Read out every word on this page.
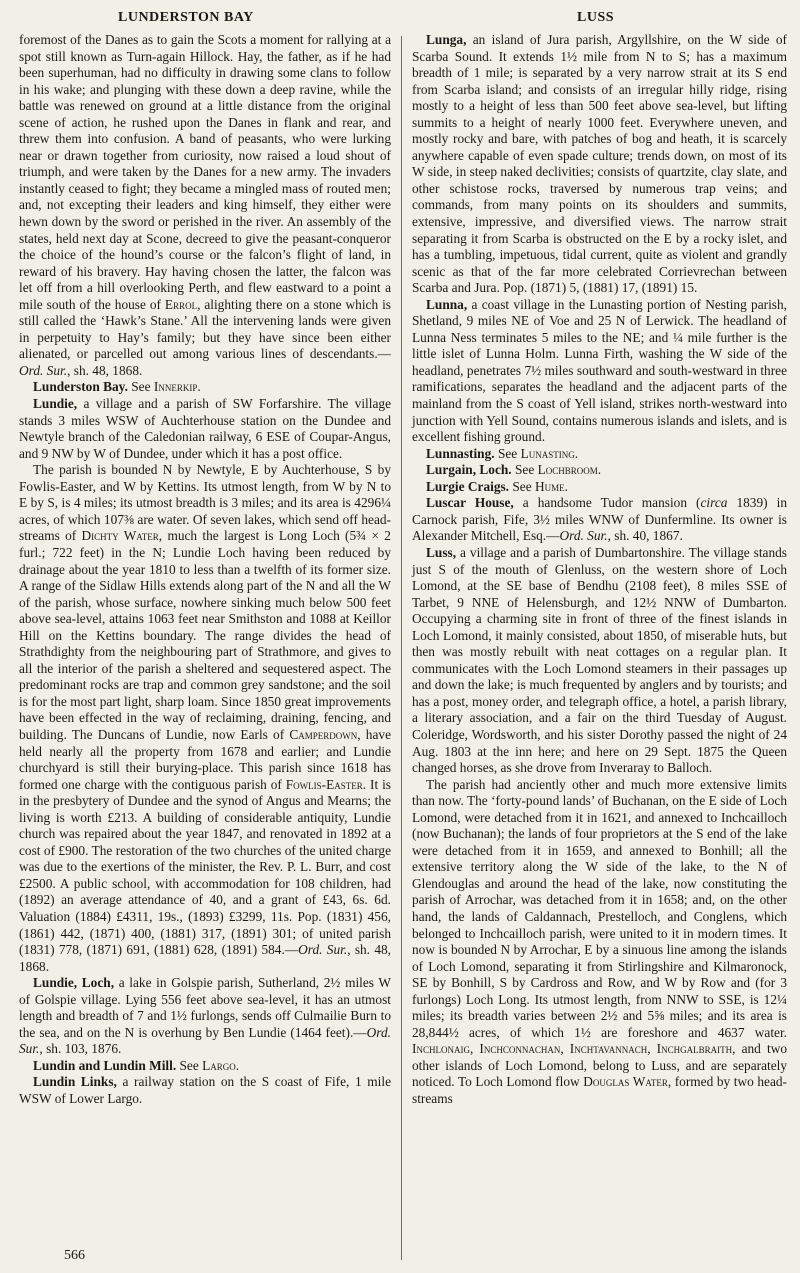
LUNDERSTON BAY	LUSS

foremost of the Danes as to gain the Scots a moment for rallying at a spot still known as Turn-again Hillock. Hay, the father, as if he had been superhuman, had no difficulty in drawing some clans to follow in his wake; and plunging with these down a deep ravine, while the battle was renewed on ground at a little distance from the original scene of action, he rushed upon the Danes in flank and rear, and threw them into confusion. A band of peasants, who were lurking near or drawn together from curiosity, now raised a loud shout of triumph, and were taken by the Danes for a new army. The invaders instantly ceased to fight; they became a mingled mass of routed men; and, not excepting their leaders and king himself, they either were hewn down by the sword or perished in the river. An assembly of the states, held next day at Scone, decreed to give the peasant-conqueror the choice of the hound’s course or the falcon’s flight of land, in reward of his bravery. Hay having chosen the latter, the falcon was let off from a hill overlooking Perth, and flew eastward to a point a mile south of the house of Errol, alighting there on a stone which is still called the ‘Hawk’s Stane.’ All the intervening lands were given in perpetuity to Hay’s family; but they have since been either alienated, or parcelled out among various lines of descendants.—Ord. Sur., sh. 48, 1868.

Lunderston Bay. See Innerkip.

Lundie, a village and a parish of SW Forfarshire. The village stands 3 miles WSW of Auchterhouse station on the Dundee and Newtyle branch of the Caledonian railway, 6 ESE of Coupar-Angus, and 9 NW by W of Dundee, under which it has a post office.

The parish is bounded N by Newtyle, E by Auchterhouse, S by Fowlis-Easter, and W by Kettins. Its utmost length, from W by N to E by S, is 4 miles; its utmost breadth is 3 miles; and its area is 4296¼ acres, of which 107⅜ are water. Of seven lakes, which send off head-streams of Dichty Water, much the largest is Long Loch (5¾ × 2 furl.; 722 feet) in the N; Lundie Loch having been reduced by drainage about the year 1810 to less than a twelfth of its former size. A range of the Sidlaw Hills extends along part of the N and all the W of the parish, whose surface, nowhere sinking much below 500 feet above sea-level, attains 1063 feet near Smithston and 1088 at Keillor Hill on the Kettins boundary. The range divides the head of Strathdighty from the neighbouring part of Strathmore, and gives to all the interior of the parish a sheltered and sequestered aspect. The predominant rocks are trap and common grey sandstone; and the soil is for the most part light, sharp loam. Since 1850 great improvements have been effected in the way of reclaiming, draining, fencing, and building. The Duncans of Lundie, now Earls of Camperdown, have held nearly all the property from 1678 and earlier; and Lundie churchyard is still their burying-place. This parish since 1618 has formed one charge with the contiguous parish of Fowlis-Easter. It is in the presbytery of Dundee and the synod of Angus and Mearns; the living is worth £213. A building of considerable antiquity, Lundie church was repaired about the year 1847, and renovated in 1892 at a cost of £900. The restoration of the two churches of the united charge was due to the exertions of the minister, the Rev. P. L. Burr, and cost £2500. A public school, with accommodation for 108 children, had (1892) an average attendance of 40, and a grant of £43, 6s. 6d. Valuation (1884) £4311, 19s., (1893) £3299, 11s. Pop. (1831) 456, (1861) 442, (1871) 400, (1881) 317, (1891) 301; of united parish (1831) 778, (1871) 691, (1881) 628, (1891) 584.—Ord. Sur., sh. 48, 1868.

Lundie, Loch, a lake in Golspie parish, Sutherland, 2½ miles W of Golspie village. Lying 556 feet above sea-level, it has an utmost length and breadth of 7 and 1½ furlongs, sends off Culmailie Burn to the sea, and on the N is overhung by Ben Lundie (1464 feet).—Ord. Sur., sh. 103, 1876.

Lundin and Lundin Mill. See Largo.

Lundin Links, a railway station on the S coast of Fife, 1 mile WSW of Lower Largo.

Lunga, an island of Jura parish, Argyllshire, on the W side of Scarba Sound. It extends 1½ mile from N to S; has a maximum breadth of 1 mile; is separated by a very narrow strait at its S end from Scarba island; and consists of an irregular hilly ridge, rising mostly to a height of less than 500 feet above sea-level, but lifting summits to a height of nearly 1000 feet. Everywhere uneven, and mostly rocky and bare, with patches of bog and heath, it is scarcely anywhere capable of even spade culture; trends down, on most of its W side, in steep naked declivities; consists of quartzite, clay slate, and other schistose rocks, traversed by numerous trap veins; and commands, from many points on its shoulders and summits, extensive, impressive, and diversified views. The narrow strait separating it from Scarba is obstructed on the E by a rocky islet, and has a tumbling, impetuous, tidal current, quite as violent and grandly scenic as that of the far more celebrated Corrievrechan between Scarba and Jura. Pop. (1871) 5, (1881) 17, (1891) 15.

Lunna, a coast village in the Lunasting portion of Nesting parish, Shetland, 9 miles NE of Voe and 25 N of Lerwick. The headland of Lunna Ness terminates 5 miles to the NE; and ¼ mile further is the little islet of Lunna Holm. Lunna Firth, washing the W side of the headland, penetrates 7½ miles southward and south-westward in three ramifications, separates the headland and the adjacent parts of the mainland from the S coast of Yell island, strikes north-westward into junction with Yell Sound, contains numerous islands and islets, and is excellent fishing ground.

Lunnasting. See Lunasting.

Lurgain, Loch. See Lochbroom.

Lurgie Craigs. See Hume.

Luscar House, a handsome Tudor mansion (circa 1839) in Carnock parish, Fife, 3½ miles WNW of Dunfermline. Its owner is Alexander Mitchell, Esq.—Ord. Sur., sh. 40, 1867.

Luss, a village and a parish of Dumbartonshire. The village stands just S of the mouth of Glenluss, on the western shore of Loch Lomond, at the SE base of Bendhu (2108 feet), 8 miles SSE of Tarbet, 9 NNE of Helensburgh, and 12½ NNW of Dumbarton. Occupying a charming site in front of three of the finest islands in Loch Lomond, it mainly consisted, about 1850, of miserable huts, but then was mostly rebuilt with neat cottages on a regular plan. It communicates with the Loch Lomond steamers in their passages up and down the lake; is much frequented by anglers and by tourists; and has a post, money order, and telegraph office, a hotel, a parish library, a literary association, and a fair on the third Tuesday of August. Coleridge, Wordsworth, and his sister Dorothy passed the night of 24 Aug. 1803 at the inn here; and here on 29 Sept. 1875 the Queen changed horses, as she drove from Inveraray to Balloch.

The parish had anciently other and much more extensive limits than now. The ‘forty-pound lands’ of Buchanan, on the E side of Loch Lomond, were detached from it in 1621, and annexed to Inchcailloch (now Buchanan); the lands of four proprietors at the S end of the lake were detached from it in 1659, and annexed to Bonhill; all the extensive territory along the W side of the lake, to the N of Glendouglas and around the head of the lake, now constituting the parish of Arrochar, was detached from it in 1658; and, on the other hand, the lands of Caldannach, Prestelloch, and Conglens, which belonged to Inchcailloch parish, were united to it in modern times. It now is bounded N by Arrochar, E by a sinuous line among the islands of Loch Lomond, separating it from Stirlingshire and Kilmaronock, SE by Bonhill, S by Cardross and Row, and W by Row and (for 3 furlongs) Loch Long. Its utmost length, from NNW to SSE, is 12¼ miles; its breadth varies between 2½ and 5⅝ miles; and its area is 28,844½ acres, of which 1½ are foreshore and 4637 water. Inchlonaig, Inchconnachan, Inchtavannach, Inchgalbraith, and two other islands of Loch Lomond, belong to Luss, and are separately noticed. To Loch Lomond flow Douglas Water, formed by two head-streams

566
